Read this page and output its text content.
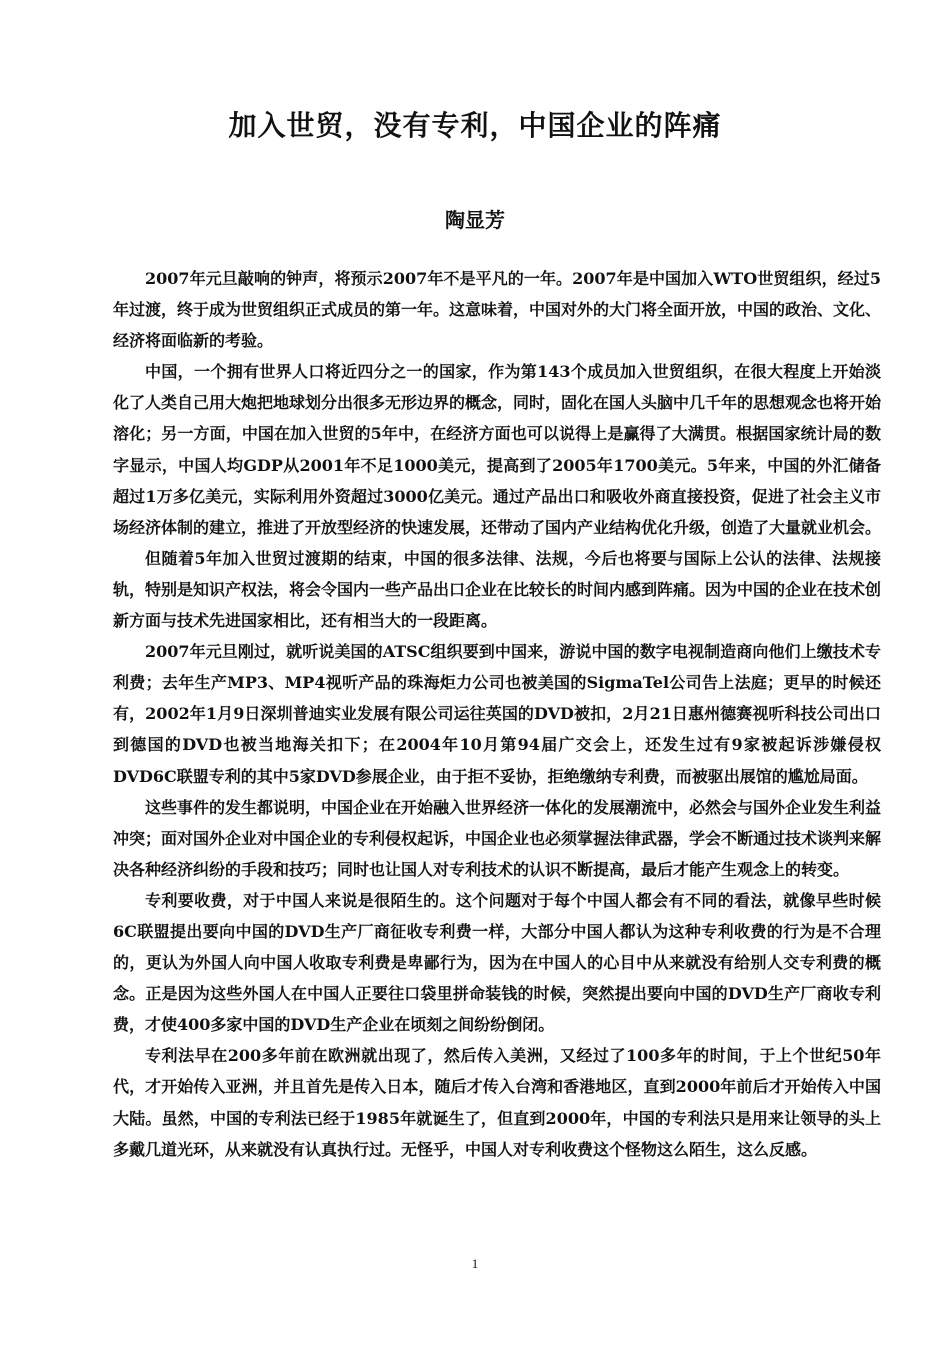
加入世贸，没有专利，中国企业的阵痛
陶显芳

2007年元旦敲响的钟声，将预示2007年不是平凡的一年。2007年是中国加入WTO世贸组织，经过5年过渡，终于成为世贸组织正式成员的第一年。这意味着，中国对外的大门将全面开放，中国的政治、文化、经济将面临新的考验。

中国，一个拥有世界人口将近四分之一的国家，作为第143个成员加入世贸组织，在很大程度上开始淡化了人类自己用大炮把地球划分出很多无形边界的概念，同时，固化在国人头脑中几千年的思想观念也将开始溶化；另一方面，中国在加入世贸的5年中，在经济方面也可以说得上是赢得了大满贯。根据国家统计局的数字显示，中国人均GDP从2001年不足1000美元，提高到了2005年1700美元。5年来，中国的外汇储备超过1万多亿美元，实际利用外资超过3000亿美元。通过产品出口和吸收外商直接投资，促进了社会主义市场经济体制的建立，推进了开放型经济的快速发展，还带动了国内产业结构优化升级，创造了大量就业机会。

但随着5年加入世贸过渡期的结束，中国的很多法律、法规，今后也将要与国际上公认的法律、法规接轨，特别是知识产权法，将会令国内一些产品出口企业在比较长的时间内感到阵痛。因为中国的企业在技术创新方面与技术先进国家相比，还有相当大的一段距离。

2007年元旦刚过，就听说美国的ATSC组织要到中国来，游说中国的数字电视制造商向他们上缴技术专利费；去年生产MP3、MP4视听产品的珠海炬力公司也被美国的SigmaTel公司告上法庭；更早的时候还有，2002年1月9日深圳普迪实业发展有限公司运往英国的DVD被扣，2月21日惠州德赛视听科技公司出口到德国的DVD也被当地海关扣下；在2004年10月第94届广交会上，还发生过有9家被起诉涉嫌侵权DVD6C联盟专利的其中5家DVD参展企业，由于拒不妥协，拒绝缴纳专利费，而被驱出展馆的尴尬局面。

这些事件的发生都说明，中国企业在开始融入世界经济一体化的发展潮流中，必然会与国外企业发生利益冲突；面对国外企业对中国企业的专利侵权起诉，中国企业也必须掌握法律武器，学会不断通过技术谈判来解决各种经济纠纷的手段和技巧；同时也让国人对专利技术的认识不断提高，最后才能产生观念上的转变。

专利要收费，对于中国人来说是很陌生的。这个问题对于每个中国人都会有不同的看法，就像早些时候6C联盟提出要向中国的DVD生产厂商征收专利费一样，大部分中国人都认为这种专利收费的行为是不合理的，更认为外国人向中国人收取专利费是卑鄙行为，因为在中国人的心目中从来就没有给别人交专利费的概念。正是因为这些外国人在中国人正要往口袋里拼命装钱的时候，突然提出要向中国的DVD生产厂商收专利费，才使400多家中国的DVD生产企业在顷刻之间纷纷倒闭。

专利法早在200多年前在欧洲就出现了，然后传入美洲，又经过了100多年的时间，于上个世纪50年代，才开始传入亚洲，并且首先是传入日本，随后才传入台湾和香港地区，直到2000年前后才开始传入中国大陆。虽然，中国的专利法已经于1985年就诞生了，但直到2000年，中国的专利法只是用来让领导的头上多戴几道光环，从来就没有认真执行过。无怪乎，中国人对专利收费这个怪物这么陌生，这么反感。

1
